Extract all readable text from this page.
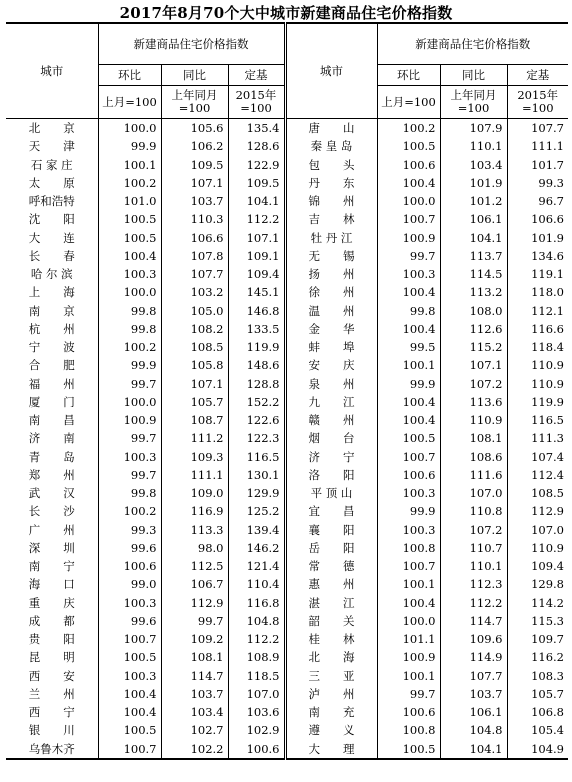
2017年8月70个大中城市新建商品住宅价格指数
城市	新建商品住宅价格指数			城市	新建商品住宅价格指数		
	环比	同比	定基		环比	同比	定基
	上月=100	上年同月=100	2015年=100		上月=100	上年同月=100	2015年=100
北　　京	100.0	105.6	135.4	唐　　山	100.2	107.9	107.7
天　　津	99.9	106.2	128.6	秦 皇 岛	100.5	110.1	111.1
石 家 庄	100.1	109.5	122.9	包　　头	100.6	103.4	101.7
太　　原	100.2	107.1	109.5	丹　　东	100.4	101.9	99.3
呼和浩特	101.0	103.7	104.1	锦　　州	100.0	101.2	96.7
沈　　阳	100.5	110.3	112.2	吉　　林	100.7	106.1	106.6
大　　连	100.5	106.6	107.1	牡 丹 江	100.9	104.1	101.9
长　　春	100.4	107.8	109.1	无　　锡	99.7	113.7	134.6
哈 尔 滨	100.3	107.7	109.4	扬　　州	100.3	114.5	119.1
上　　海	100.0	103.2	145.1	徐　　州	100.4	113.2	118.0
南　　京	99.8	105.0	146.8	温　　州	99.8	108.0	112.1
杭　　州	99.8	108.2	133.5	金　　华	100.4	112.6	116.6
宁　　波	100.2	108.5	119.9	蚌　　埠	99.5	115.2	118.4
合　　肥	99.9	105.8	148.6	安　　庆	100.1	107.1	110.9
福　　州	99.7	107.1	128.8	泉　　州	99.9	107.2	110.9
厦　　门	100.0	105.7	152.2	九　　江	100.4	113.6	119.9
南　　昌	100.9	108.7	122.6	赣　　州	100.4	110.9	116.5
济　　南	99.7	111.2	122.3	烟　　台	100.5	108.1	111.3
青　　岛	100.3	109.3	116.5	济　　宁	100.7	108.6	107.4
郑　　州	99.7	111.1	130.1	洛　　阳	100.6	111.6	112.4
武　　汉	99.8	109.0	129.9	平 顶 山	100.3	107.0	108.5
长　　沙	100.2	116.9	125.2	宜　　昌	99.9	110.8	112.9
广　　州	99.3	113.3	139.4	襄　　阳	100.3	107.2	107.0
深　　圳	99.6	98.0	146.2	岳　　阳	100.8	110.7	110.9
南　　宁	100.6	112.5	121.4	常　　德	100.7	110.1	109.4
海　　口	99.0	106.7	110.4	惠　　州	100.1	112.3	129.8
重　　庆	100.3	112.9	116.8	湛　　江	100.4	112.2	114.2
成　　都	99.6	99.7	104.8	韶　　关	100.0	114.7	115.3
贵　　阳	100.7	109.2	112.2	桂　　林	101.1	109.6	109.7
昆　　明	100.5	108.1	108.9	北　　海	100.9	114.9	116.2
西　　安	100.3	114.7	118.5	三　　亚	100.1	107.7	108.3
兰　　州	100.4	103.7	107.0	泸　　州	99.7	103.7	105.7
西　　宁	100.4	103.4	103.6	南　　充	100.6	106.1	106.8
银　　川	100.5	102.7	102.9	遵　　义	100.8	104.8	105.4
乌鲁木齐	100.7	102.2	100.6	大　　理	100.5	104.1	104.9
